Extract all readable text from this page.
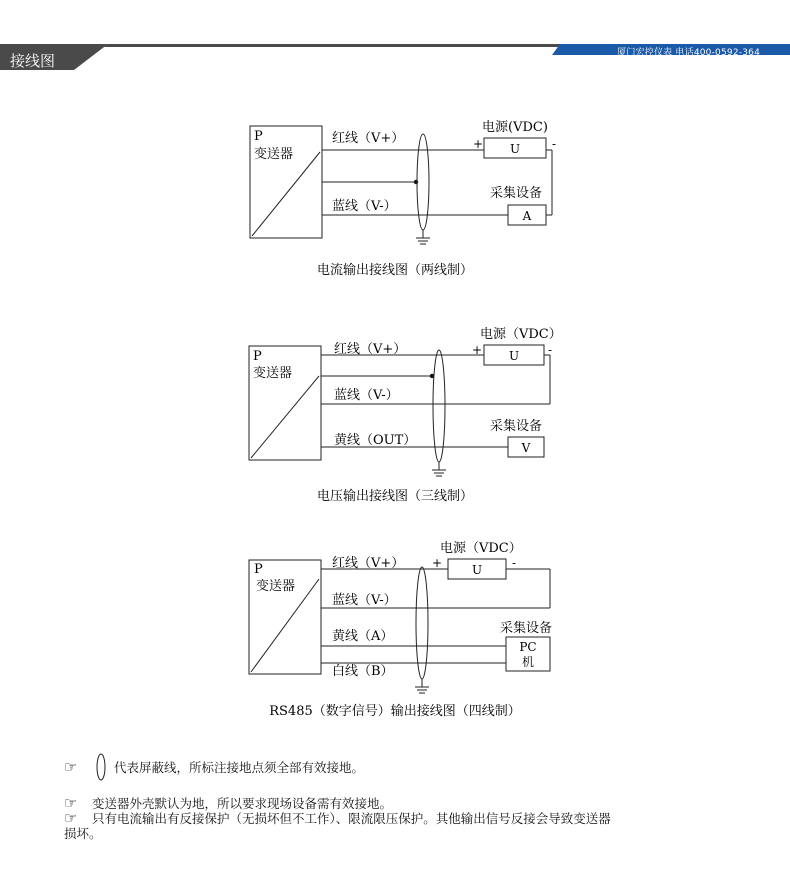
接线图	厦门宏控仪表 电话400-0592-364
P
变送器
红线（V+）
蓝线（V-）
电源(VDC)
+	-
U
采集设备
A
电流输出接线图（两线制）
P
变送器
红线（V+）
蓝线（V-）
黄线（OUT）
电源（VDC）
+	-
U
采集设备
V
电压输出接线图（三线制）
P
变送器
红线（V+）
蓝线（V-）
黄线（A）
白线（B）
电源（VDC）
+	-
U
采集设备
PC
机
RS485（数字信号）输出接线图（四线制）
☞	代表屏蔽线，所标注接地点须全部有效接地。
☞	变送器外壳默认为地，所以要求现场设备需有效接地。
☞	只有电流输出有反接保护（无损坏但不工作）、限流限压保护。其他输出信号反接会导致变送器
损坏。
